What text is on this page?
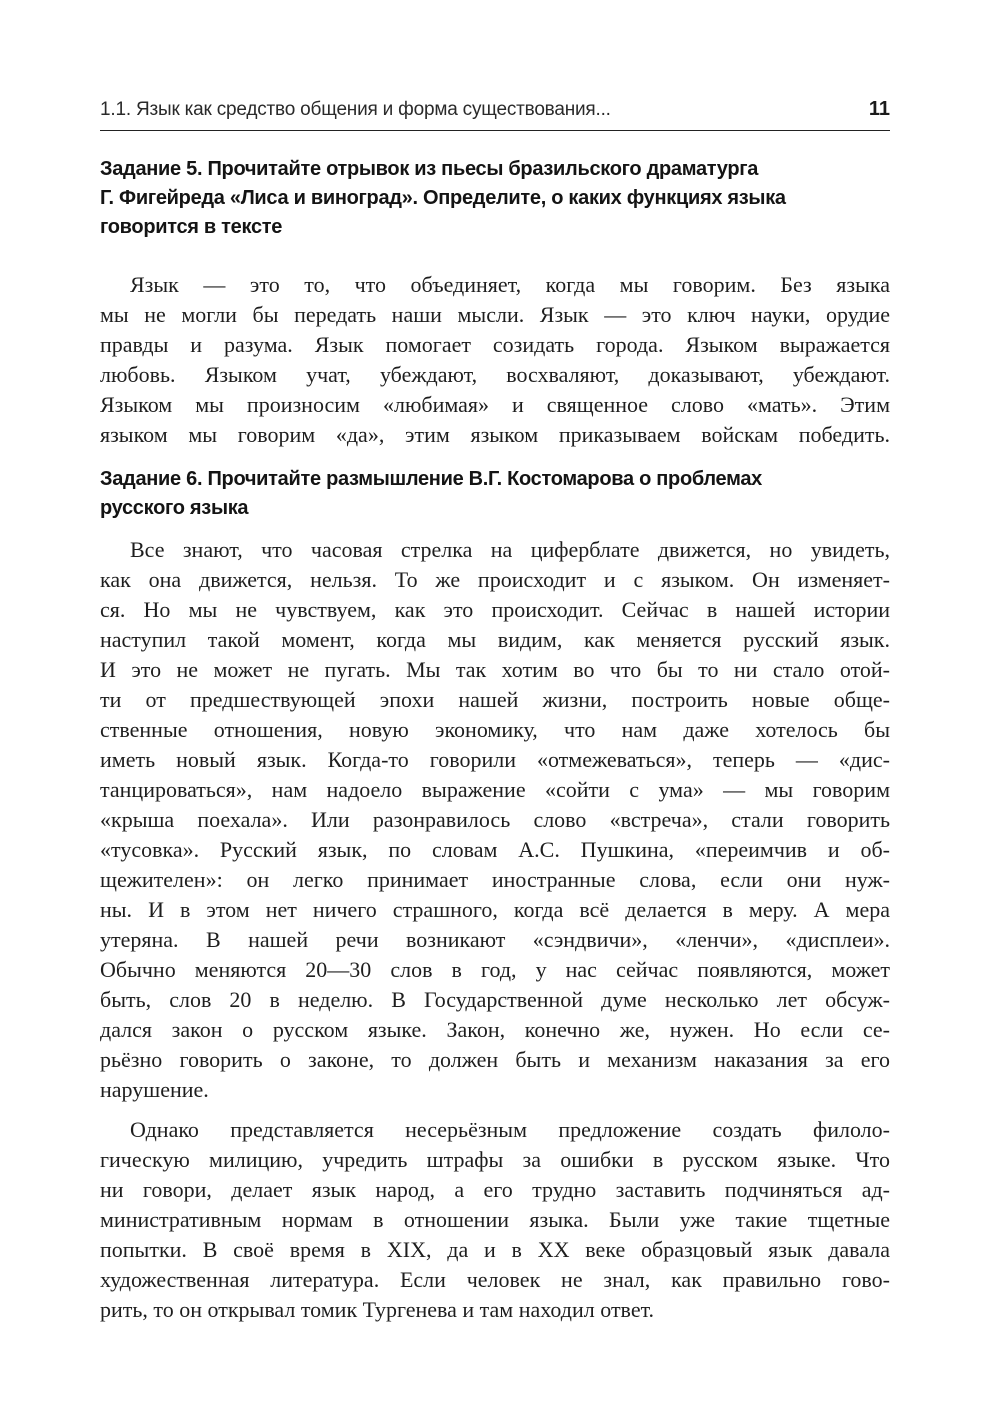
1.1. Язык как средство общения и форма существования...	11
Задание 5. Прочитайте отрывок из пьесы бразильского драматурга
Г. Фигейреда «Лиса и виноград». Определите, о каких функциях языка
говорится в тексте
Язык — это то, что объединяет, когда мы говорим. Без языка
мы не могли бы передать наши мысли. Язык — это ключ науки, орудие
правды и разума. Язык помогает созидать города. Языком выражается
любовь. Языком учат, убеждают, восхваляют, доказывают, убеждают.
Языком мы произносим «любимая» и священное слово «мать». Этим
языком мы говорим «да», этим языком приказываем войскам победить.
Задание 6. Прочитайте размышление В.Г. Костомарова о проблемах
русского языка
Все знают, что часовая стрелка на циферблате движется, но увидеть,
как она движется, нельзя. То же происходит и с языком. Он изменяет-
ся. Но мы не чувствуем, как это происходит. Сейчас в нашей истории
наступил такой момент, когда мы видим, как меняется русский язык.
И это не может не пугать. Мы так хотим во что бы то ни стало отой-
ти от предшествующей эпохи нашей жизни, построить новые обще-
ственные отношения, новую экономику, что нам даже хотелось бы
иметь новый язык. Когда-то говорили «отмежеваться», теперь — «дис-
танцироваться», нам надоело выражение «сойти с ума» — мы говорим
«крыша поехала». Или разонравилось слово «встреча», стали говорить
«тусовка». Русский язык, по словам А.С. Пушкина, «переимчив и об-
щежителен»: он легко принимает иностранные слова, если они нуж-
ны. И в этом нет ничего страшного, когда всё делается в меру. А мера
утеряна. В нашей речи возникают «сэндвичи», «ленчи», «дисплеи».
Обычно меняются 20—30 слов в год, у нас сейчас появляются, может
быть, слов 20 в неделю. В Государственной думе несколько лет обсуж-
дался закон о русском языке. Закон, конечно же, нужен. Но если се-
рьёзно говорить о законе, то должен быть и механизм наказания за его
нарушение.
Однако представляется несерьёзным предложение создать филоло-
гическую милицию, учредить штрафы за ошибки в русском языке. Что
ни говори, делает язык народ, а его трудно заставить подчиняться ад-
министративным нормам в отношении языка. Были уже такие тщетные
попытки. В своё время в XIX, да и в XX веке образцовый язык давала
художественная литература. Если человек не знал, как правильно гово-
рить, то он открывал томик Тургенева и там находил ответ.
